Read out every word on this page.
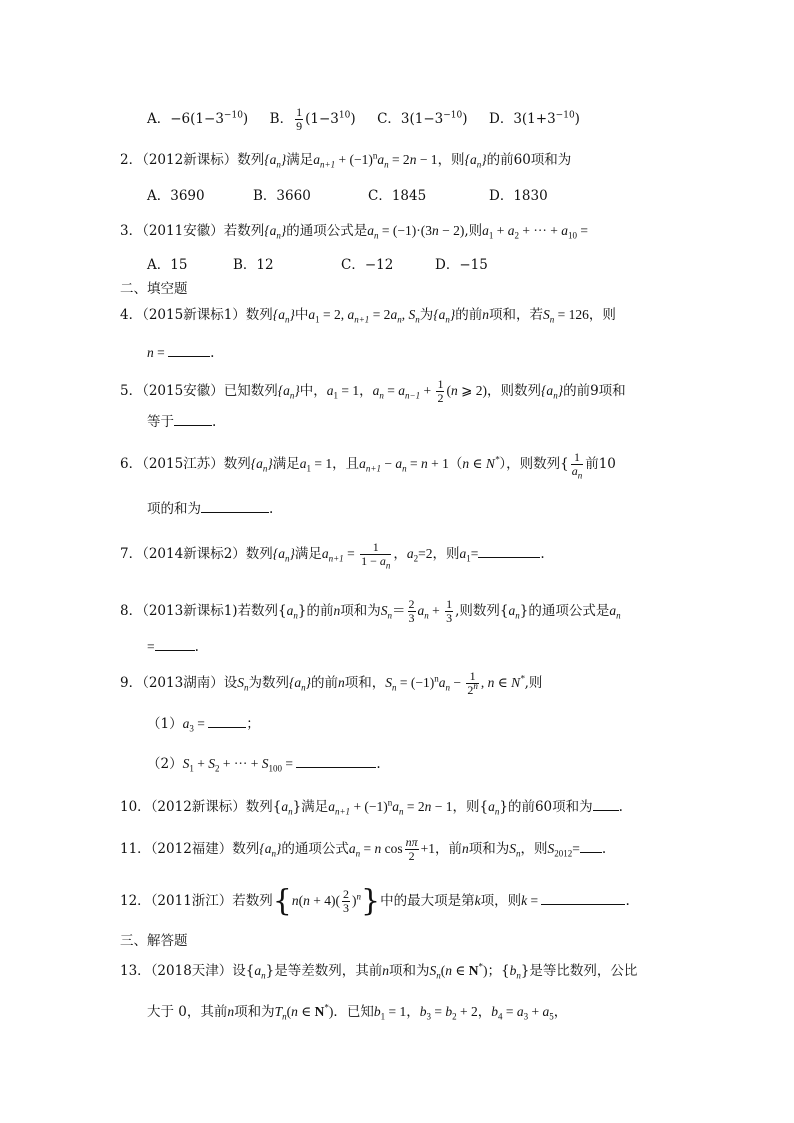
A．$-6(1-3^{-10})$ B． $\frac{1}{9} (1-3^{10})$ C．$3(1-3^{-10})$ D．$3(1+3^{-10})$
2．（2012新课标）数列$\{a_n\}$满足$a_{n+1} + (-1)^na_n = 2n - 1$，则$\{a_n\}$的前60项和为
A．3690	B．3660	C．1845	D．1830
3．（2011安徽）若数列$\{a_n\}$的通项公式是$a_n = (-1)\cdot(3n - 2)$,则$a_1 + a_2$ + ··· + $a_{10}$ =
A．15	B．12	C．−12	D．−15
二、填空题
4．（2015新课标1）数列$\{a_n\}$中$a_1 = 2$, $a_{n+1} = 2a_n$, $S_n$为$\{a_n\}$的前n项和，若$S_n = 126$，则
n =	.
5．（2015安徽）已知数列$\{a_n\}$中，$a_1 = 1$，$a_n = a_{n-1} + \frac{1}{2} (n$ ⩾ 2)，则数列$\{a_n\}$的前9项和
等于	.
6．（2015江苏）数列$\{a_n\}$满足$a_1 = 1$，且$a_{n+1} - a_n = n + 1(n$ ∈ N*），则数列{ $\frac{1}{a_n}$ 前10
项的和为	.
7．（2014新课标2）数列$\{a_n\}$满足$a_{n+1} = \frac{1}{1 - a_n}$ ，$a_2=2$，则$a_1=$	.
8．（2013新课标1)若数列$\{a_n\}$的前n项和为$S_n= \frac{2}{3} a_n + \frac{1}{3}$ ,则数列$\{a_n\}$的通项公式是$a_n$
=	.
9．（2013湖南）设$S_n$为数列$\{a_n\}$的前n项和，$S_n = (-1)^na_n - \frac{1}{2^n}$ , n ∈ N*,则
$(1)a_3$ =	；
$(2)S_1 + S_2$ + ··· + $S_{100}$ =	.
10．（2012新课标）数列$\{a_n\}$满足$a_{n+1} + (-1)^na_n = 2n - 1$，则$\{a_n\}$的前60项和为 .
11．（2012福建）数列$\{a_n\}$的通项公式$a_n = n$ $\cos \frac{n\pi}{2} +1$，前n项和为$S_n$，则$S_{2012}=$ .
12．（2011浙江）若数列$\{n(n + 4)( \frac{2}{3} )^n\}$中的最大项是第k项，则k =	.
三、解答题
13．（2018天津）设$\{a_n\}$是等差数列，其前n项和为$S_n(n$ ∈ N*)；$\{b_n\}$是等比数列，公比
大于 0，其前n项和为$T_n(n$ ∈ N*)．已知$b_1 = 1$，$b_3 = b_2 + 2$，$b_4 = a_3 + a_5$，
